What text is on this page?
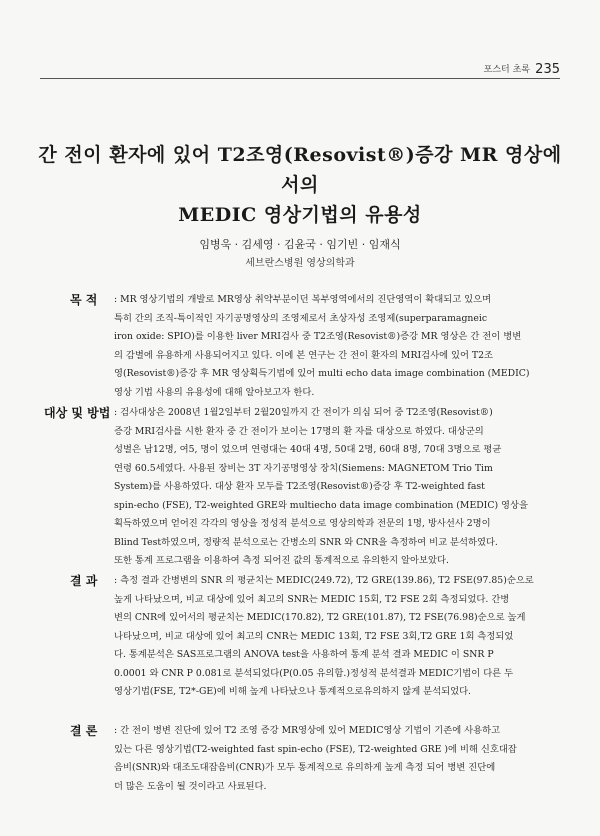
포스터 초록 235
간 전이 환자에 있어 T2조영(Resovist®)증강 MR 영상에서의
MEDIC 영상기법의 유용성
임병욱 · 김세영 · 김윤국 · 임기빈 · 임재식
세브란스병원 영상의학과
목 적 : MR 영상기법의 개발로 MR영상 취약부분이던 복부영역에서의 진단영역이 확대되고 있으며
특히 간의 조직-특이적인 자기공명영상의 조영제로서 초상자성 조영제(superparamagneic
iron oxide: SPIO)를 이용한 liver MRI검사 중 T2조영(Resovist®)증강 MR 영상은 간 전이 병변
의 감별에 유용하게 사용되어지고 있다. 이에 본 연구는 간 전이 환자의 MRI검사에 있어 T2조
영(Resovist®)증강 후 MR 영상획득기법에 있어 multi echo data image combination (MEDIC)
영상 기법 사용의 유용성에 대해 알아보고자 한다.
대상 및 방법 : 검사대상은 2008년 1월2일부터 2월20일까지 간 전이가 의심 되어 중 T2조영(Resovist®)
증강 MRI검사를 시한 환자 중 간 전이가 보이는 17명의 환 자를 대상으로 하였다. 대상군의
성별은 남12명, 여5, 명이 었으며 연령대는 40대 4명, 50대 2명, 60대 8명, 70대 3명으로 평균
연령 60.5세였다. 사용된 장비는 3T 자기공명영상 장치(Siemens: MAGNETOM Trio Tim
System)를 사용하였다. 대상 환자 모두를 T2조영(Resovist®)증강 후 T2-weighted fast
spin-echo (FSE), T2-weighted GRE와 multiecho data image combination (MEDIC) 영상을
획득하였으며 얻어진 각각의 영상을 정성적 분석으로 영상의학과 전문의 1명, 방사선사 2명이
Blind Test하였으며, 정량적 분석으로는 간병소의 SNR 와 CNR을 측정하여 비교 분석하였다.
또한 통계 프로그램을 이용하여 측정 되어진 값의 통계적으로 유의한지 알아보았다.
결 과 : 측정 결과 간병변의 SNR 의 평균치는 MEDIC(249.72), T2 GRE(139.86), T2 FSE(97.85)순으로
높게 나타났으며, 비교 대상에 있어 최고의 SNR는 MEDIC 15회, T2 FSE 2회 측정되었다. 간병
변의 CNR에 있어서의 평균치는 MEDIC(170.82), T2 GRE(101.87), T2 FSE(76.98)순으로 높게
나타났으며, 비교 대상에 있어 최고의 CNR는 MEDIC 13회, T2 FSE 3회,T2 GRE 1회 측정되었
다. 통계분석은 SAS프로그램의 ANOVA test을 사용하여 통계 분석 결과 MEDIC 이 SNR P
0.0001 와 CNR P 0.081로 분석되었다(P(0.05 유의함.)정성적 분석결과 MEDIC기법이 다른 두
영상기법(FSE, T2*-GE)에 비해 높게 나타났으나 통계적으로유의하지 않게 분석되었다.
결 론 : 간 전이 병변 진단에 있어 T2 조영 증강 MR영상에 있어 MEDIC영상 기법이 기존에 사용하고
있는 다른 영상기법(T2-weighted fast spin-echo (FSE), T2-weighted GRE )에 비해 신호대잡
음비(SNR)와 대조도대잡음비(CNR)가 모두 통계적으로 유의하게 높게 측정 되어 병변 진단에
더 많은 도움이 될 것이라고 사료된다.
